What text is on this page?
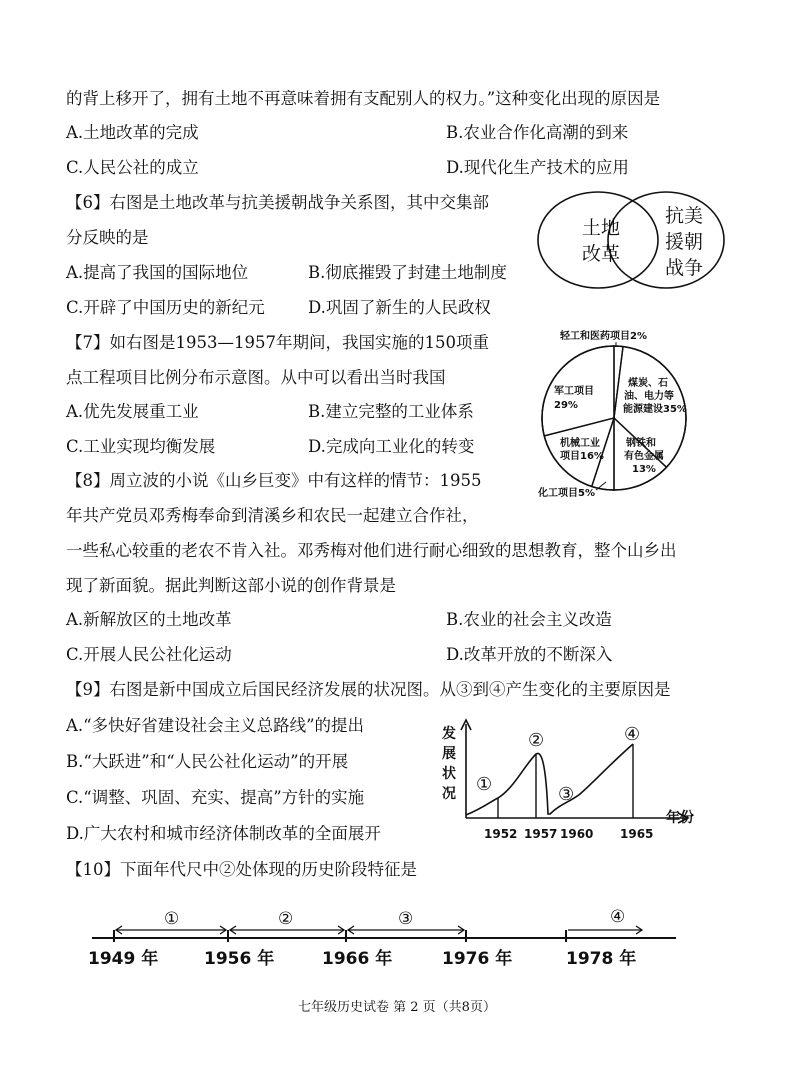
的背上移开了，拥有土地不再意味着拥有支配别人的权力。”这种变化出现的原因是
A.土地改革的完成	B.农业合作化高潮的到来
C.人民公社的成立	D.现代化生产技术的应用
【6】右图是土地改革与抗美援朝战争关系图，其中交集部
分反映的是
A.提高了我国的国际地位	B.彻底摧毁了封建土地制度
C.开辟了中国历史的新纪元	D.巩固了新生的人民政权
土地
改革
抗美
援朝
战争
【7】如右图是1953—1957年期间，我国实施的150项重
点工程项目比例分布示意图。从中可以看出当时我国
A.优先发展重工业	B.建立完整的工业体系
C.工业实现均衡发展	D.完成向工业化的转变
轻工和医药项目2%
煤炭、石
油、电力等
能源建设35%
钢铁和
有色金属
13%
化工项目5%
机械工业
项目16%
军工项目
29%
【8】周立波的小说《山乡巨变》中有这样的情节：1955
年共产党员邓秀梅奉命到清溪乡和农民一起建立合作社，
一些私心较重的老农不肯入社。邓秀梅对他们进行耐心细致的思想教育，整个山乡出
现了新面貌。据此判断这部小说的创作背景是
A.新解放区的土地改革	B.农业的社会主义改造
C.开展人民公社化运动	D.改革开放的不断深入
【9】右图是新中国成立后国民经济发展的状况图。从③到④产生变化的主要原因是
A.“多快好省建设社会主义总路线”的提出
B.“大跃进”和“人民公社化运动”的开展
C.“调整、巩固、充实、提高”方针的实施
D.广大农村和城市经济体制改革的全面展开
发
展
状
况
年份
①
②
③
④
1952 1957 1960 1965
【10】下面年代尺中②处体现的历史阶段特征是
①	②	③	④
1949 年	1956 年	1966 年	1976 年	1978 年
七年级历史试卷 第 2 页（共8页）
